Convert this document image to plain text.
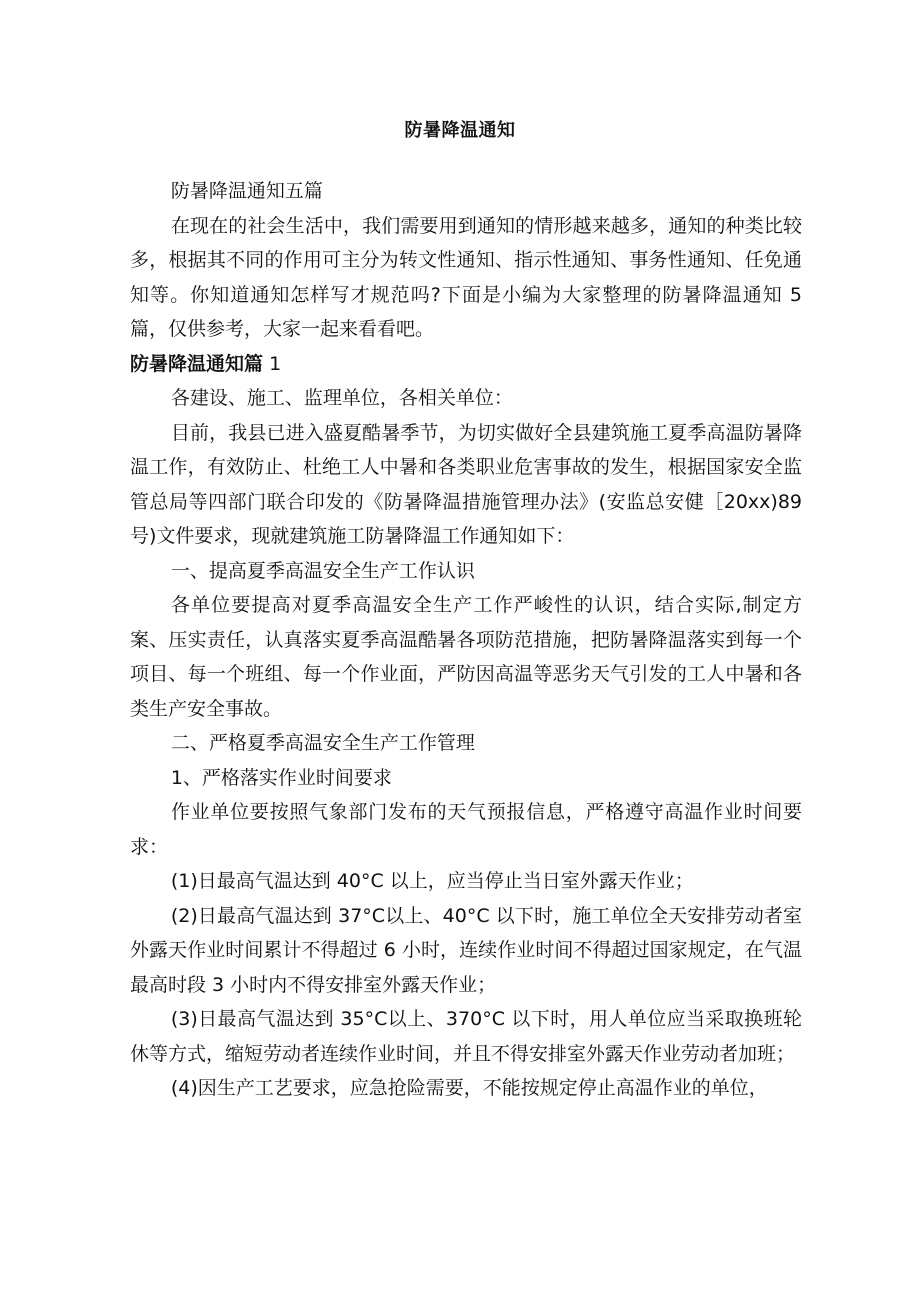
防暑降温通知

防暑降温通知五篇

在现在的社会生活中，我们需要用到通知的情形越来越多，通知的种类比较多，根据其不同的作用可主分为转文性通知、指示性通知、事务性通知、任免通知等。你知道通知怎样写才规范吗?下面是小编为大家整理的防暑降温通知 5 篇，仅供参考，大家一起来看看吧。

防暑降温通知篇 1

各建设、施工、监理单位，各相关单位：

目前，我县已进入盛夏酷暑季节，为切实做好全县建筑施工夏季高温防暑降温工作，有效防止、杜绝工人中暑和各类职业危害事故的发生，根据国家安全监管总局等四部门联合印发的《防暑降温措施管理办法》(安监总安健［20xx)89 号)文件要求，现就建筑施工防暑降温工作通知如下：

一、提高夏季高温安全生产工作认识

各单位要提高对夏季高温安全生产工作严峻性的认识，结合实际,制定方案、压实责任，认真落实夏季高温酷暑各项防范措施，把防暑降温落实到每一个项目、每一个班组、每一个作业面，严防因高温等恶劣天气引发的工人中暑和各类生产安全事故。

二、严格夏季高温安全生产工作管理

1、严格落实作业时间要求

作业单位要按照气象部门发布的天气预报信息，严格遵守高温作业时间要求：

(1)日最高气温达到 40°C 以上，应当停止当日室外露天作业；

(2)日最高气温达到 37°C以上、40°C 以下时，施工单位全天安排劳动者室外露天作业时间累计不得超过 6 小时，连续作业时间不得超过国家规定，在气温最高时段 3 小时内不得安排室外露天作业；

(3)日最高气温达到 35°C以上、370°C 以下时，用人单位应当采取换班轮休等方式，缩短劳动者连续作业时间，并且不得安排室外露天作业劳动者加班；

(4)因生产工艺要求，应急抢险需要，不能按规定停止高温作业的单位，
